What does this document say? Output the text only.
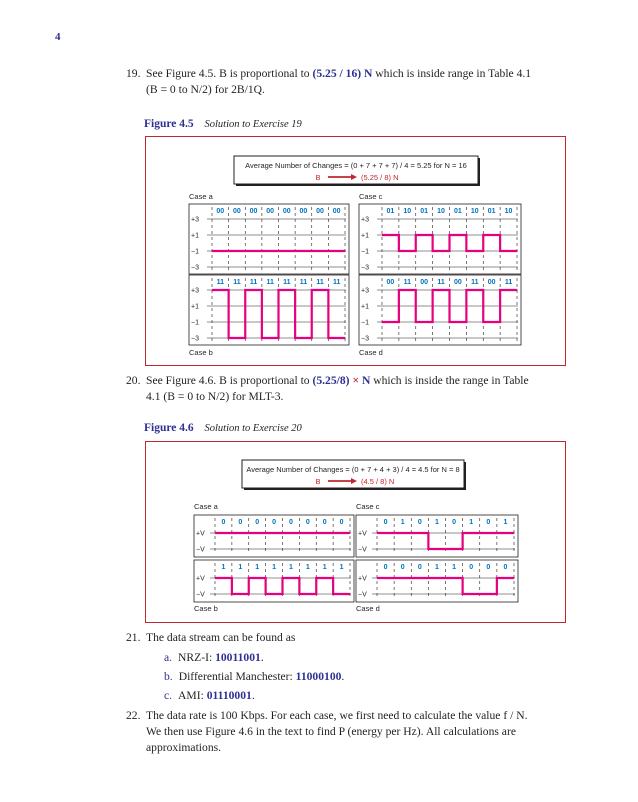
4
19. See Figure 4.5. B is proportional to (5.25 / 16) N which is inside range in Table 4.1
(B = 0 to N/2) for 2B/1Q.
Figure 4.5 Solution to Exercise 19
Average Number of Changes = (0 + 7 + 7 + 7) / 4 = 5.25 for N = 16
B	(5.25 / 8) N
+3
+1
−1
−3
00 00 00 00 00 00 00 00
Case a
+3
+1
−1
−3
11 11 11 11 11 11 11 11
Case b
+3
+1
−1
−3
01 10 01 10 01 10 01 10
Case c
+3
+1
−1
−3
00 11 00 11 00 11 00 11
Case d
20. See Figure 4.6. B is proportional to (5.25/8) × N which is inside the range in Table
4.1 (B = 0 to N/2) for MLT-3.
Figure 4.6 Solution to Exercise 20
Average Number of Changes = (0 + 7 + 4 + 3) / 4 = 4.5 for N = 8
B	(4.5 / 8) N
+V
−V
0 0 0 0 0 0 0 0
Case a
+V
−V
1 1 1 1 1 1 1 1
Case b
+V
−V
0 1 0 1 0 1 0 1
Case c
+V
−V
0 0 0 1 1 0 0 0
Case d
21. The data stream can be found as
a. NRZ-I: 10011001.
b. Differential Manchester: 11000100.
c. AMI: 01110001.
22. The data rate is 100 Kbps. For each case, we first need to calculate the value f / N.
We then use Figure 4.6 in the text to find P (energy per Hz). All calculations are
approximations.
